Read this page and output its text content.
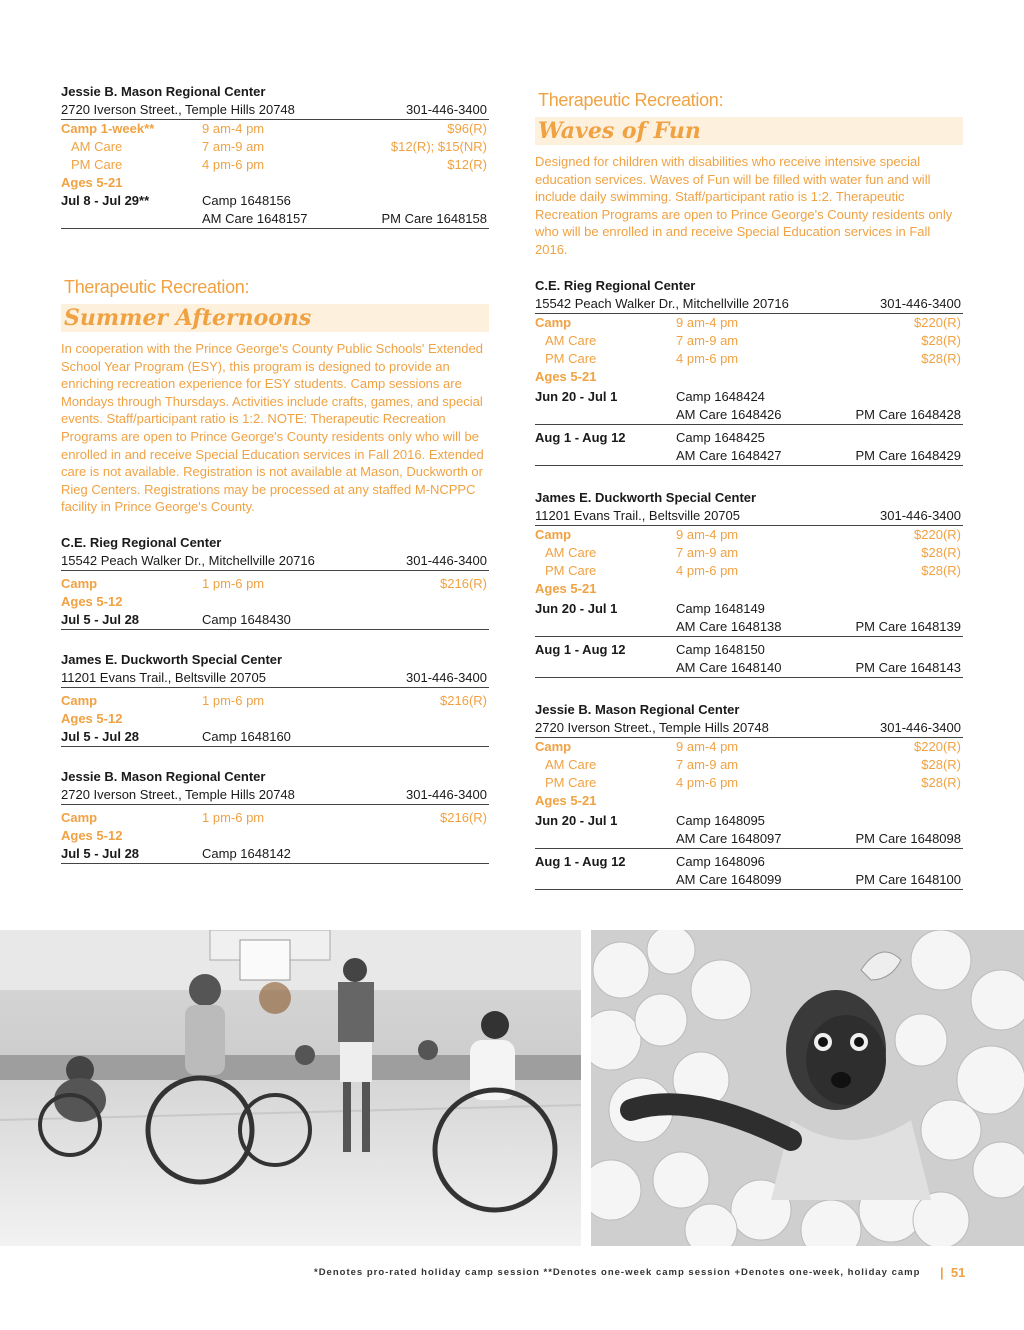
Jessie B. Mason Regional Center
2720 Iverson Street., Temple Hills 20748	301-446-3400
Camp 1-week**	9 am-4 pm	$96(R)
AM Care	7 am-9 am	$12(R); $15(NR)
PM Care	4 pm-6 pm	$12(R)
Ages 5-21
Jul 8 - Jul 29**	Camp 1648156
AM Care 1648157	PM Care 1648158
Therapeutic Recreation:
Summer Afternoons
In cooperation with the Prince George's County Public Schools' Extended School Year Program (ESY), this program is designed to provide an enriching recreation experience for ESY students. Camp sessions are Mondays through Thursdays. Activities include crafts, games, and special events. Staff/participant ratio is 1:2. NOTE: Therapeutic Recreation Programs are open to Prince George's County residents only who will be enrolled in and receive Special Education services in Fall 2016. Extended care is not available. Registration is not available at Mason, Duckworth or Rieg Centers. Registrations may be processed at any staffed M-NCPPC facility in Prince George's County.
C.E. Rieg Regional Center
15542 Peach Walker Dr., Mitchellville 20716	301-446-3400
Camp	1 pm-6 pm	$216(R)
Ages 5-12
Jul 5 - Jul 28	Camp 1648430
James E. Duckworth Special Center
11201 Evans Trail., Beltsville 20705	301-446-3400
Camp	1 pm-6 pm	$216(R)
Ages 5-12
Jul 5 - Jul 28	Camp 1648160
Jessie B. Mason Regional Center
2720 Iverson Street., Temple Hills 20748	301-446-3400
Camp	1 pm-6 pm	$216(R)
Ages 5-12
Jul 5 - Jul 28	Camp 1648142
Therapeutic Recreation:
Waves of Fun
Designed for children with disabilities who receive intensive special education services. Waves of Fun will be filled with water fun and will include daily swimming. Staff/participant ratio is 1:2. Therapeutic Recreation Programs are open to Prince George's County residents only who will be enrolled in and receive Special Education services in Fall 2016.
C.E. Rieg Regional Center
15542 Peach Walker Dr., Mitchellville 20716	301-446-3400
Camp	9 am-4 pm	$220(R)
AM Care	7 am-9 am	$28(R)
PM Care	4 pm-6 pm	$28(R)
Ages 5-21
Jun 20 - Jul 1	Camp 1648424
AM Care 1648426	PM Care 1648428
Aug 1 - Aug 12	Camp 1648425
AM Care 1648427	PM Care 1648429
James E. Duckworth Special Center
11201 Evans Trail., Beltsville 20705	301-446-3400
Camp	9 am-4 pm	$220(R)
AM Care	7 am-9 am	$28(R)
PM Care	4 pm-6 pm	$28(R)
Ages 5-21
Jun 20 - Jul 1	Camp 1648149
AM Care 1648138	PM Care 1648139
Aug 1 - Aug 12	Camp 1648150
AM Care 1648140	PM Care 1648143
Jessie B. Mason Regional Center
2720 Iverson Street., Temple Hills 20748	301-446-3400
Camp	9 am-4 pm	$220(R)
AM Care	7 am-9 am	$28(R)
PM Care	4 pm-6 pm	$28(R)
Ages 5-21
Jun 20 - Jul 1	Camp 1648095
AM Care 1648097	PM Care 1648098
Aug 1 - Aug 12	Camp 1648096
AM Care 1648099	PM Care 1648100
*Denotes pro-rated holiday camp session **Denotes one-week camp session +Denotes one-week, holiday camp |  51
